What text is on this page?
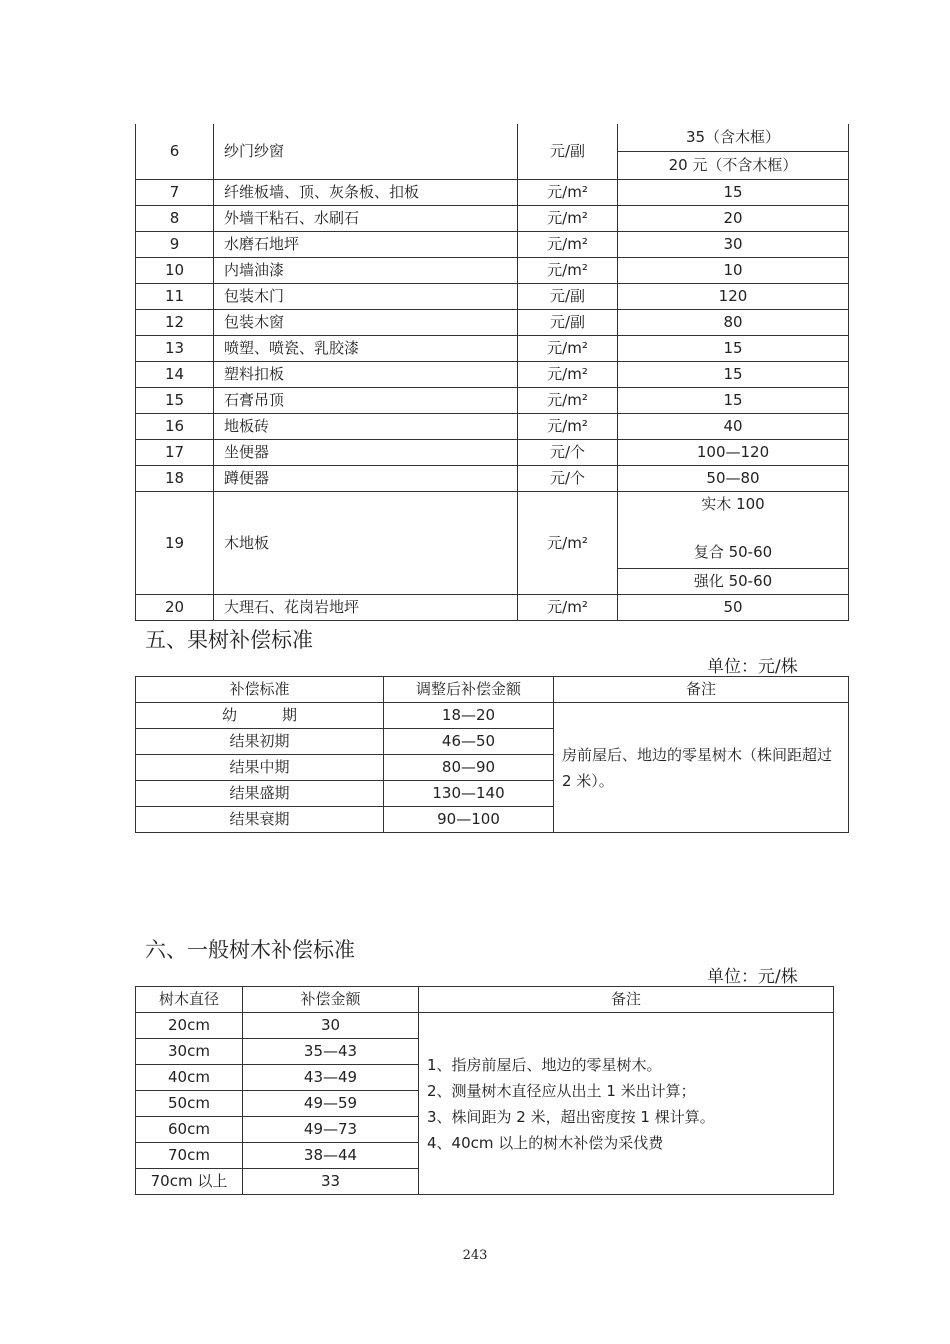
6	纱门纱窗	元/副	35（含木框）
			20 元（不含木框）
7	纤维板墙、顶、灰条板、扣板	元/m²	15
8	外墙干粘石、水刷石	元/m²	20
9	水磨石地坪	元/m²	30
10	内墙油漆	元/m²	10
11	包装木门	元/副	120
12	包装木窗	元/副	80
13	喷塑、喷瓷、乳胶漆	元/m²	15
14	塑料扣板	元/m²	15
15	石膏吊顶	元/m²	15
16	地板砖	元/m²	40
17	坐便器	元/个	100—120
18	蹲便器	元/个	50—80
19	木地板	元/m²	实木 100
复合 50-60

			强化 50-60
20	大理石、花岗岩地坪	元/m²	50
五、果树补偿标准
单位：元/株
补偿标准	调整后补偿金额	备注
幼　　　期	18—20	房前屋后、地边的零星树木（株间距超过 2 米）。
结果初期	46—50	
结果中期	80—90	
结果盛期	130—140	
结果衰期	90—100	
六、一般树木补偿标准
单位：元/株
树木直径	补偿金额	备注
20cm	30	1、指房前屋后、地边的零星树木。
2、测量树木直径应从出土 1 米出计算；
3、株间距为 2 米，超出密度按 1 棵计算。
4、40cm 以上的树木补偿为采伐费

30cm	35—43	
40cm	43—49	
50cm	49—59	
60cm	49—73	
70cm	38—44	
70cm 以上	33	
243
